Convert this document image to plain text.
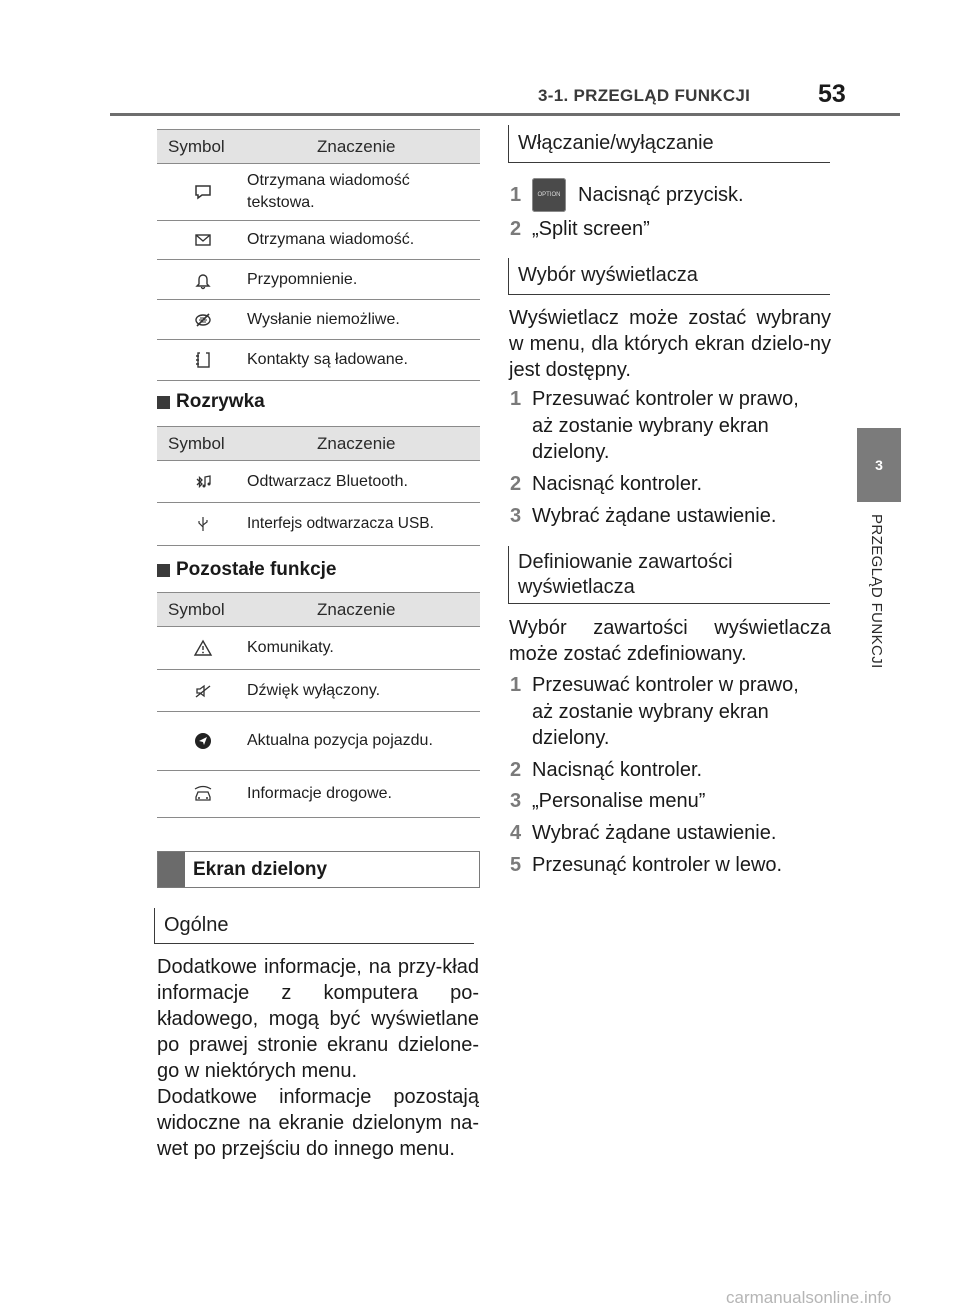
3-1. PRZEGLĄD FUNKCJI	53
3
PRZEGLĄD FUNKCJI
Symbol	Znaczenie
Otrzymana wiadomość tekstowa.
Otrzymana wiadomość.
Przypomnienie.
Wysłanie niemożliwe.
Kontakty są ładowane.
Rozrywka
Symbol	Znaczenie
Odtwarzacz Bluetooth.
Interfejs odtwarzacza USB.
Pozostałe funkcje
Symbol	Znaczenie
Komunikaty.
Dźwięk wyłączony.
Aktualna pozycja pojazdu.
Informacje drogowe.
Ekran dzielony
Ogólne
Dodatkowe informacje, na przy-kład informacje z komputera po-kładowego, mogą być wyświetlane po prawej stronie ekranu dzielone-go w niektórych menu.
Dodatkowe informacje pozostają widoczne na ekranie dzielonym na-wet po przejściu do innego menu.
Włączanie/wyłączanie
1	OPTION Nacisnąć przycisk.
2 „Split screen”
Wybór wyświetlacza
Wyświetlacz może zostać wybrany w menu, dla których ekran dzielo-ny jest dostępny.
1 Przesuwać kontroler w prawo, aż zostanie wybrany ekran dzielony.
2 Nacisnąć kontroler.
3 Wybrać żądane ustawienie.
Definiowanie zawartości wyświetlacza
Wybór zawartości wyświetlacza może zostać zdefiniowany.
1 Przesuwać kontroler w prawo, aż zostanie wybrany ekran dzielony.
2 Nacisnąć kontroler.
3 „Personalise menu”
4 Wybrać żądane ustawienie.
5 Przesunąć kontroler w lewo.
carmanualsonline.info
